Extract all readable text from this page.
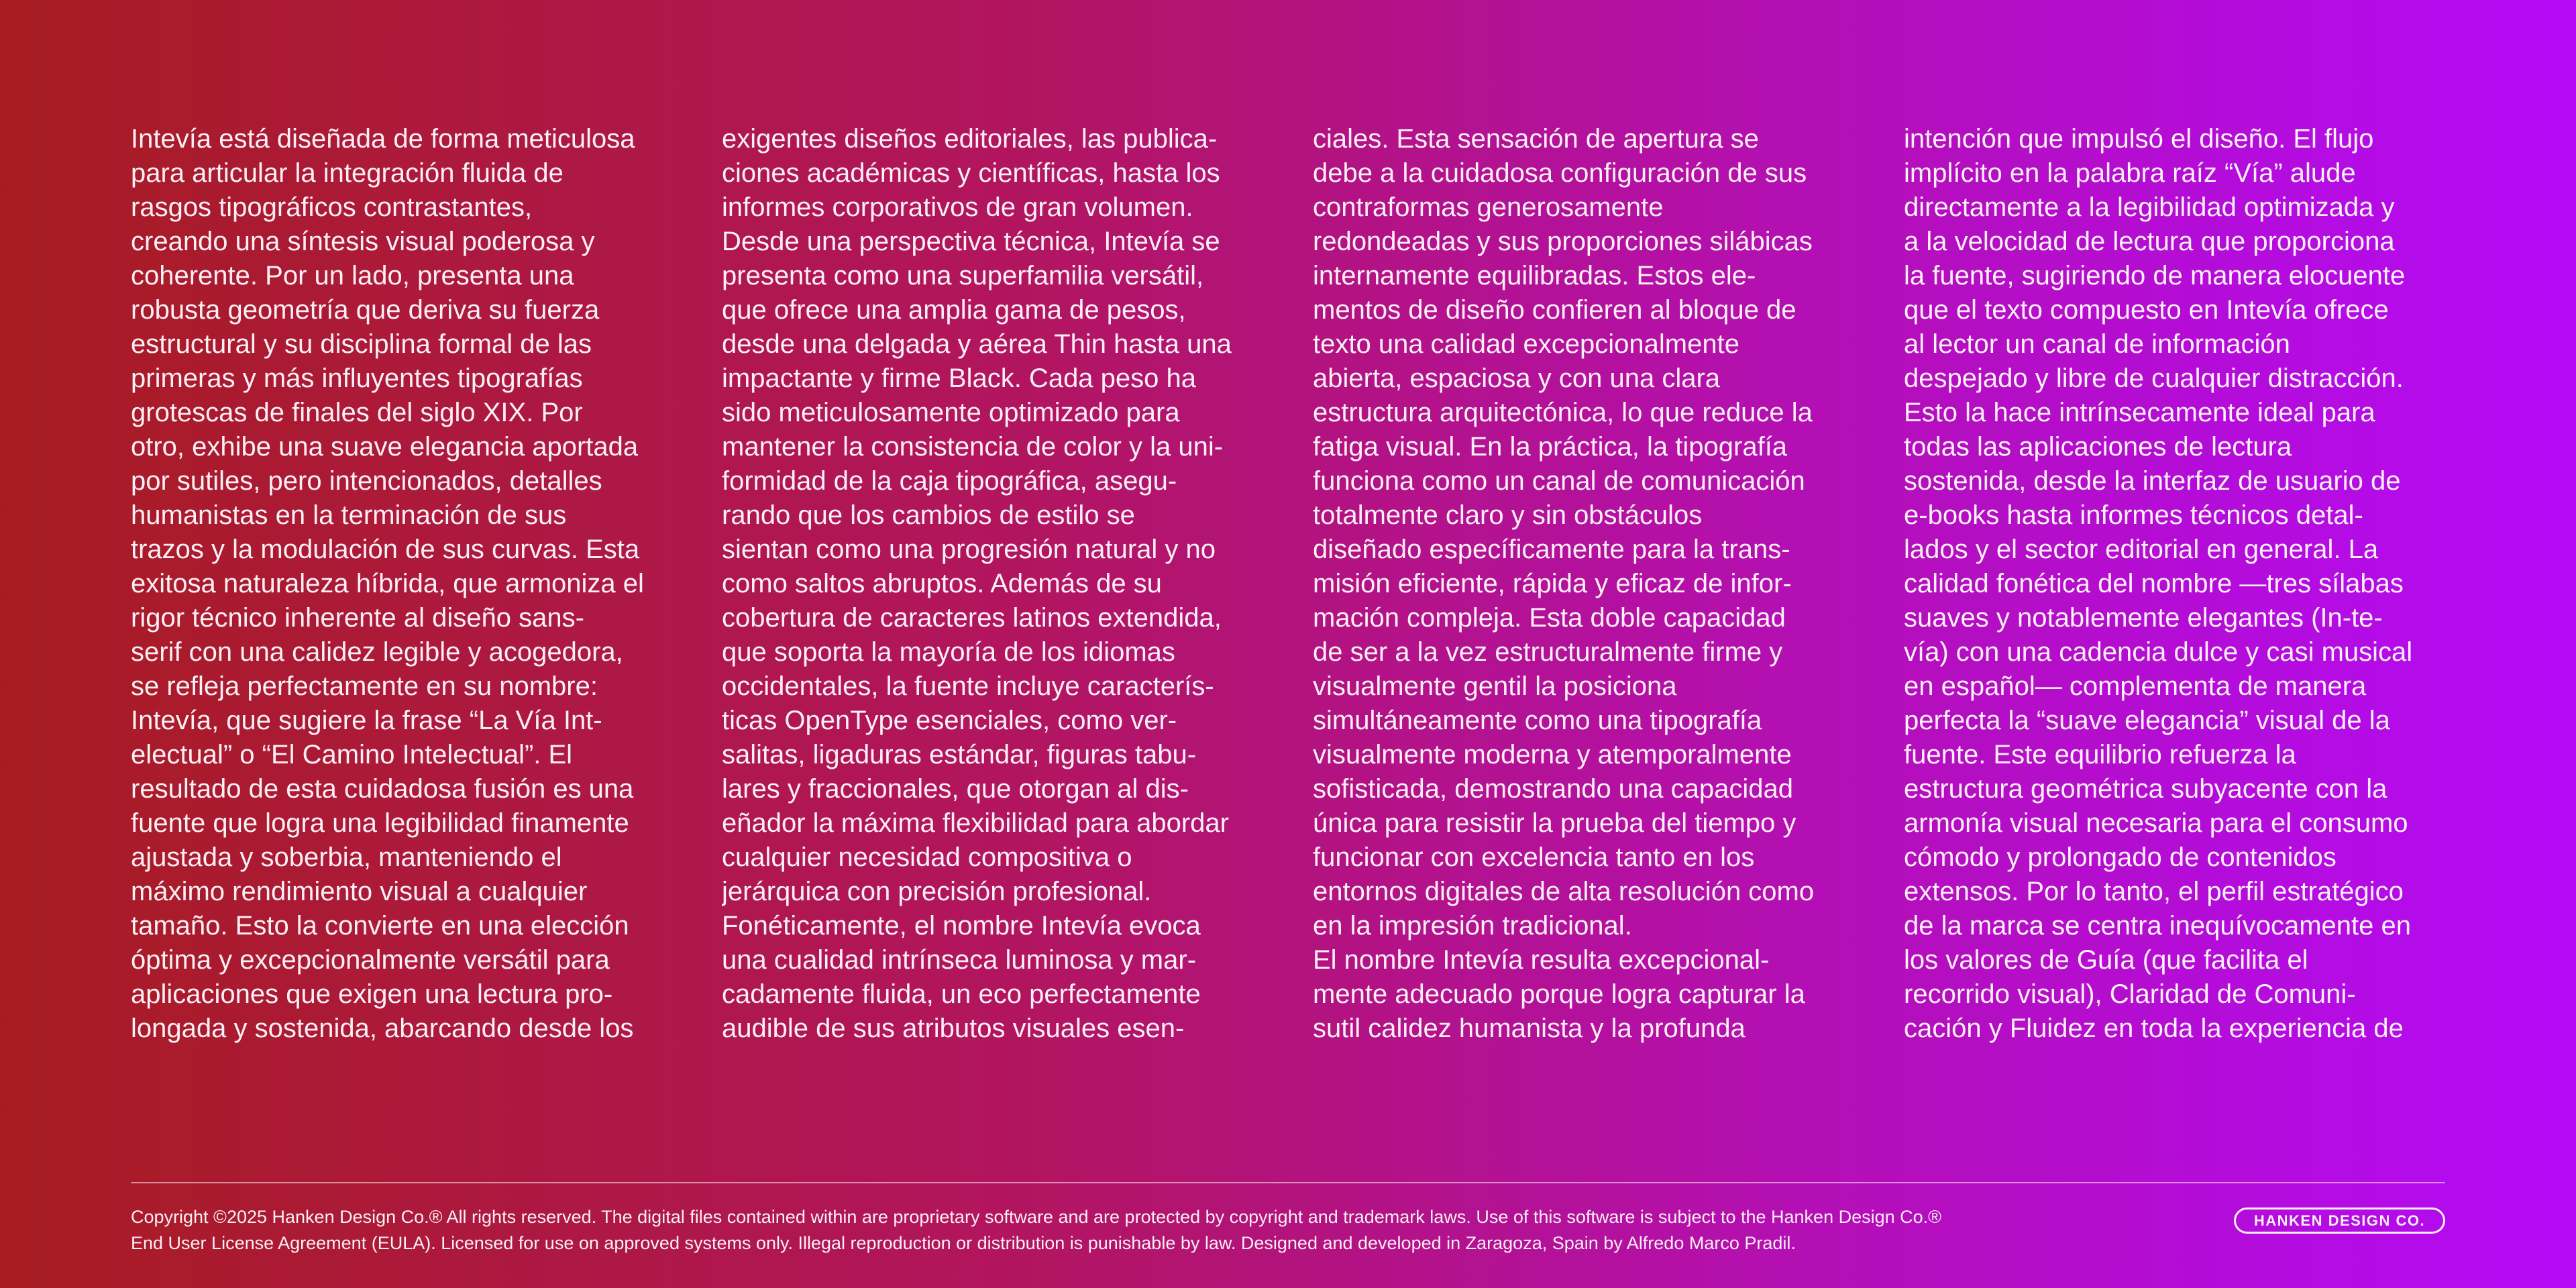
Intevía está diseñada de forma meticulosa
para articular la integración fluida de
rasgos tipográficos contrastantes,
creando una síntesis visual poderosa y
coherente. Por un lado, presenta una
robusta geometría que deriva su fuerza
estructural y su disciplina formal de las
primeras y más influyentes tipografías
grotescas de finales del siglo XIX. Por
otro, exhibe una suave elegancia aportada
por sutiles, pero intencionados, detalles
humanistas en la terminación de sus
trazos y la modulación de sus curvas. Esta
exitosa naturaleza híbrida, que armoniza el
rigor técnico inherente al diseño sans-
serif con una calidez legible y acogedora,
se refleja perfectamente en su nombre:
Intevía, que sugiere la frase “La Vía Int-
electual” o “El Camino Intelectual”. El
resultado de esta cuidadosa fusión es una
fuente que logra una legibilidad finamente
ajustada y soberbia, manteniendo el
máximo rendimiento visual a cualquier
tamaño. Esto la convierte en una elección
óptima y excepcionalmente versátil para
aplicaciones que exigen una lectura pro-
longada y sostenida, abarcando desde los
exigentes diseños editoriales, las publica-
ciones académicas y científicas, hasta los
informes corporativos de gran volumen.
Desde una perspectiva técnica, Intevía se
presenta como una superfamilia versátil,
que ofrece una amplia gama de pesos,
desde una delgada y aérea Thin hasta una
impactante y firme Black. Cada peso ha
sido meticulosamente optimizado para
mantener la consistencia de color y la uni-
formidad de la caja tipográfica, asegu-
rando que los cambios de estilo se
sientan como una progresión natural y no
como saltos abruptos. Además de su
cobertura de caracteres latinos extendida,
que soporta la mayoría de los idiomas
occidentales, la fuente incluye caracterís-
ticas OpenType esenciales, como ver-
salitas, ligaduras estándar, figuras tabu-
lares y fraccionales, que otorgan al dis-
eñador la máxima flexibilidad para abordar
cualquier necesidad compositiva o
jerárquica con precisión profesional.
Fonéticamente, el nombre Intevía evoca
una cualidad intrínseca luminosa y mar-
cadamente fluida, un eco perfectamente
audible de sus atributos visuales esen-
ciales. Esta sensación de apertura se
debe a la cuidadosa configuración de sus
contraformas generosamente
redondeadas y sus proporciones silábicas
internamente equilibradas. Estos ele-
mentos de diseño confieren al bloque de
texto una calidad excepcionalmente
abierta, espaciosa y con una clara
estructura arquitectónica, lo que reduce la
fatiga visual. En la práctica, la tipografía
funciona como un canal de comunicación
totalmente claro y sin obstáculos
diseñado específicamente para la trans-
misión eficiente, rápida y eficaz de infor-
mación compleja. Esta doble capacidad
de ser a la vez estructuralmente firme y
visualmente gentil la posiciona
simultáneamente como una tipografía
visualmente moderna y atemporalmente
sofisticada, demostrando una capacidad
única para resistir la prueba del tiempo y
funcionar con excelencia tanto en los
entornos digitales de alta resolución como
en la impresión tradicional.
El nombre Intevía resulta excepcional-
mente adecuado porque logra capturar la
sutil calidez humanista y la profunda
intención que impulsó el diseño. El flujo
implícito en la palabra raíz “Vía” alude
directamente a la legibilidad optimizada y
a la velocidad de lectura que proporciona
la fuente, sugiriendo de manera elocuente
que el texto compuesto en Intevía ofrece
al lector un canal de información
despejado y libre de cualquier distracción.
Esto la hace intrínsecamente ideal para
todas las aplicaciones de lectura
sostenida, desde la interfaz de usuario de
e-books hasta informes técnicos detal-
lados y el sector editorial en general. La
calidad fonética del nombre —tres sílabas
suaves y notablemente elegantes (In-te-
vía) con una cadencia dulce y casi musical
en español— complementa de manera
perfecta la “suave elegancia” visual de la
fuente. Este equilibrio refuerza la
estructura geométrica subyacente con la
armonía visual necesaria para el consumo
cómodo y prolongado de contenidos
extensos. Por lo tanto, el perfil estratégico
de la marca se centra inequívocamente en
los valores de Guía (que facilita el
recorrido visual), Claridad de Comuni-
cación y Fluidez en toda la experiencia de
Copyright ©2025 Hanken Design Co.® All rights reserved. The digital files contained within are proprietary software and are protected by copyright and trademark laws. Use of this software is subject to the Hanken Design Co.®
End User License Agreement (EULA). Licensed for use on approved systems only. Illegal reproduction or distribution is punishable by law. Designed and developed in Zaragoza, Spain by Alfredo Marco Pradil.
HANKEN DESIGN CO.
